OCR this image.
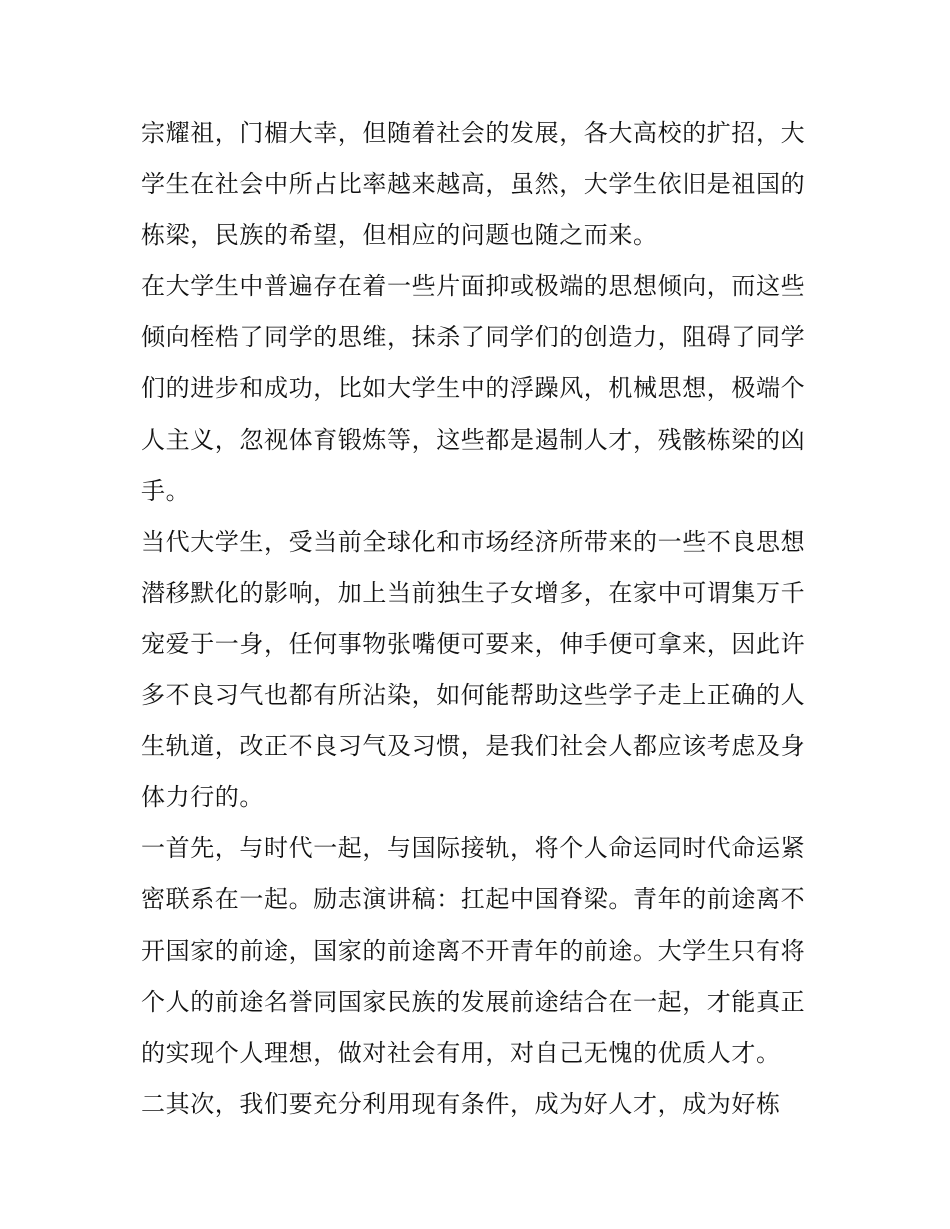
宗耀祖，门楣大幸，但随着社会的发展，各大高校的扩招，大
学生在社会中所占比率越来越高，虽然，大学生依旧是祖国的
栋梁，民族的希望，但相应的问题也随之而来。
在大学生中普遍存在着一些片面抑或极端的思想倾向，而这些
倾向桎梏了同学的思维，抹杀了同学们的创造力，阻碍了同学
们的进步和成功，比如大学生中的浮躁风，机械思想，极端个
人主义，忽视体育锻炼等，这些都是遏制人才，残骸栋梁的凶
手。
当代大学生，受当前全球化和市场经济所带来的一些不良思想
潜移默化的影响，加上当前独生子女增多，在家中可谓集万千
宠爱于一身，任何事物张嘴便可要来，伸手便可拿来，因此许
多不良习气也都有所沾染，如何能帮助这些学子走上正确的人
生轨道，改正不良习气及习惯，是我们社会人都应该考虑及身
体力行的。
一首先，与时代一起，与国际接轨，将个人命运同时代命运紧
密联系在一起。励志演讲稿：扛起中国脊梁。青年的前途离不
开国家的前途，国家的前途离不开青年的前途。大学生只有将
个人的前途名誉同国家民族的发展前途结合在一起，才能真正
的实现个人理想，做对社会有用，对自己无愧的优质人才。
二其次，我们要充分利用现有条件，成为好人才，成为好栋
